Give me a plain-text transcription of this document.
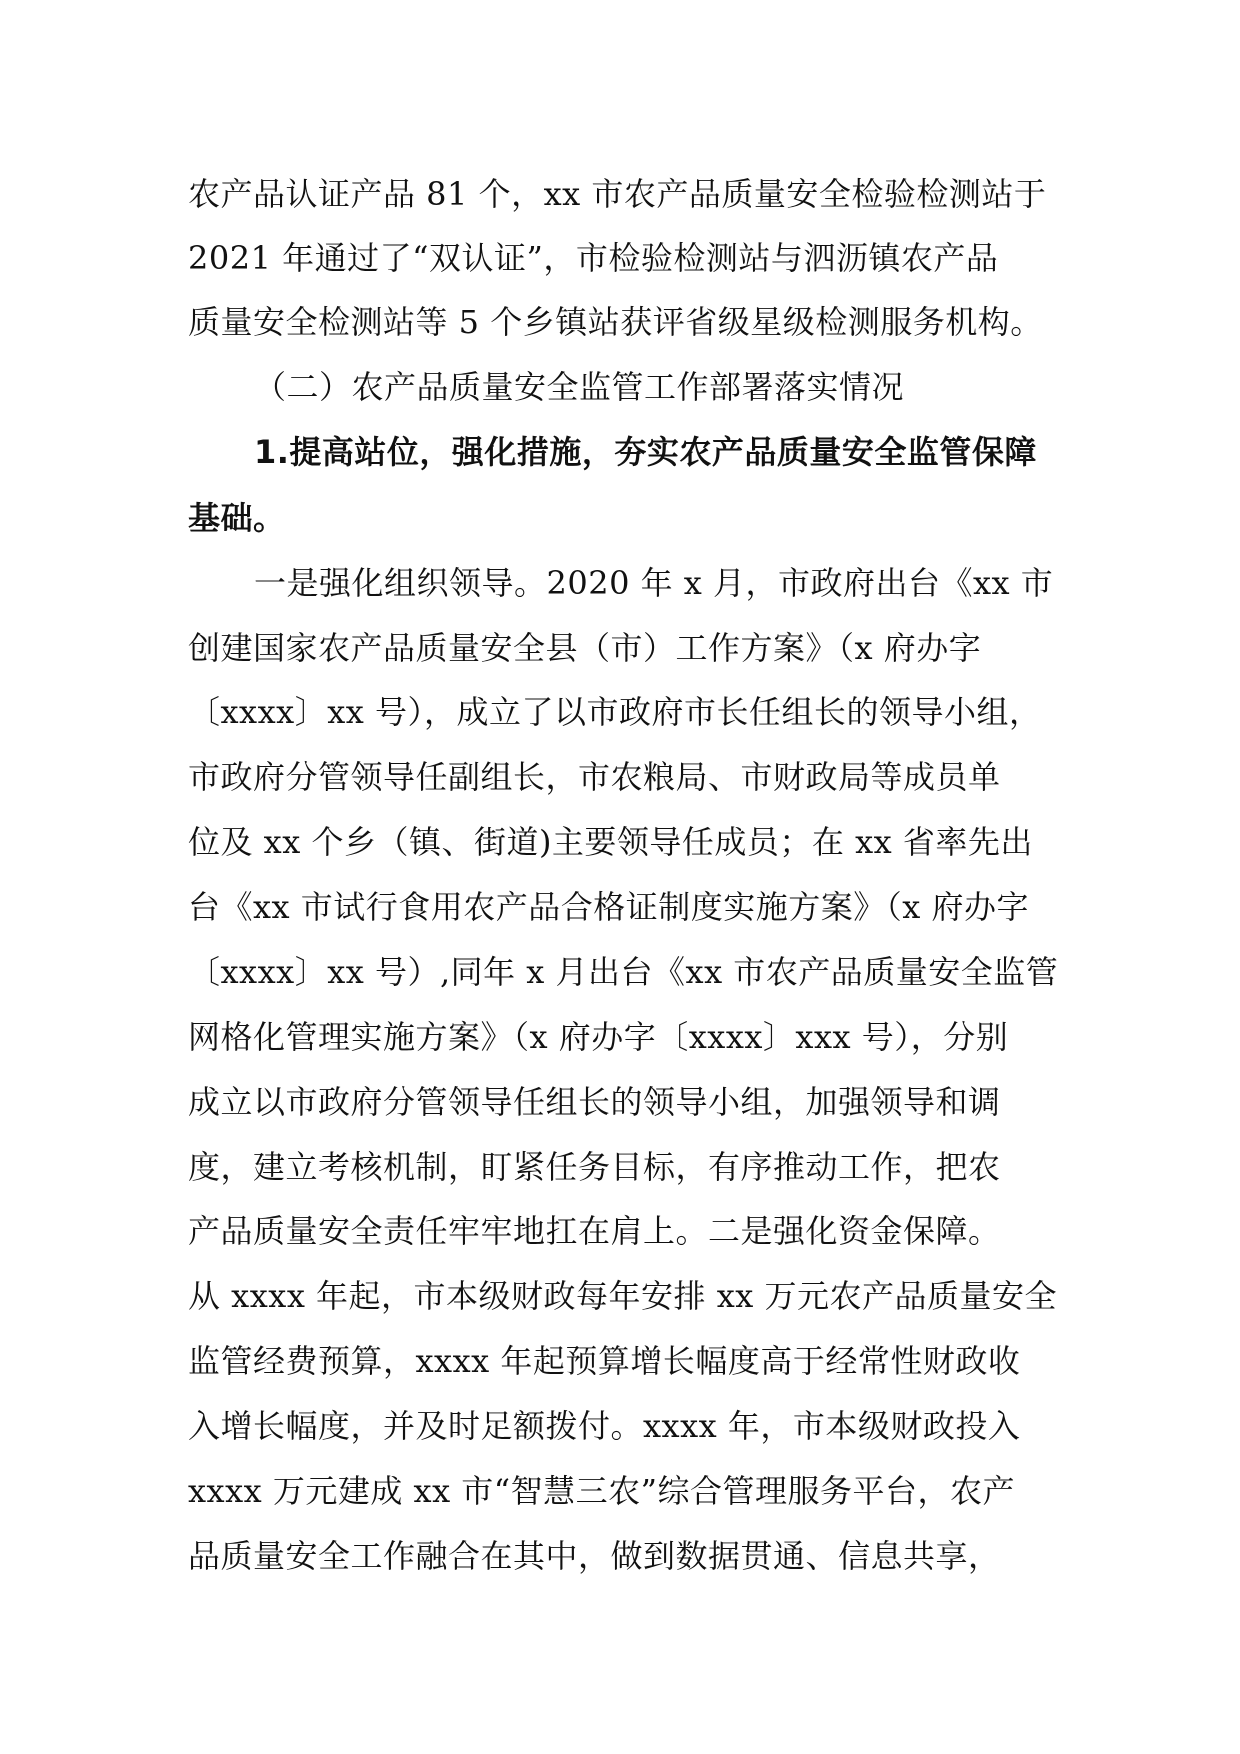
农产品认证产品 81 个，xx 市农产品质量安全检验检测站于
2021 年通过了“双认证”，市检验检测站与泗沥镇农产品
质量安全检测站等 5 个乡镇站获评省级星级检测服务机构。
（二）农产品质量安全监管工作部署落实情况
1.提高站位，强化措施，夯实农产品质量安全监管保障
基础。
一是强化组织领导。2020 年 x 月，市政府出台《xx 市
创建国家农产品质量安全县（市）工作方案》（x 府办字
〔xxxx〕xx 号），成立了以市政府市长任组长的领导小组，
市政府分管领导任副组长，市农粮局、市财政局等成员单
位及 xx 个乡（镇、街道)主要领导任成员；在 xx 省率先出
台《xx 市试行食用农产品合格证制度实施方案》（x 府办字
〔xxxx〕xx 号）,同年 x 月出台《xx 市农产品质量安全监管
网格化管理实施方案》（x 府办字〔xxxx〕xxx 号），分别
成立以市政府分管领导任组长的领导小组，加强领导和调
度，建立考核机制，盯紧任务目标，有序推动工作，把农
产品质量安全责任牢牢地扛在肩上。二是强化资金保障。
从 xxxx 年起，市本级财政每年安排 xx 万元农产品质量安全
监管经费预算，xxxx 年起预算增长幅度高于经常性财政收
入增长幅度，并及时足额拨付。xxxx 年，市本级财政投入
xxxx 万元建成 xx 市“智慧三农”综合管理服务平台，农产
品质量安全工作融合在其中，做到数据贯通、信息共享，
